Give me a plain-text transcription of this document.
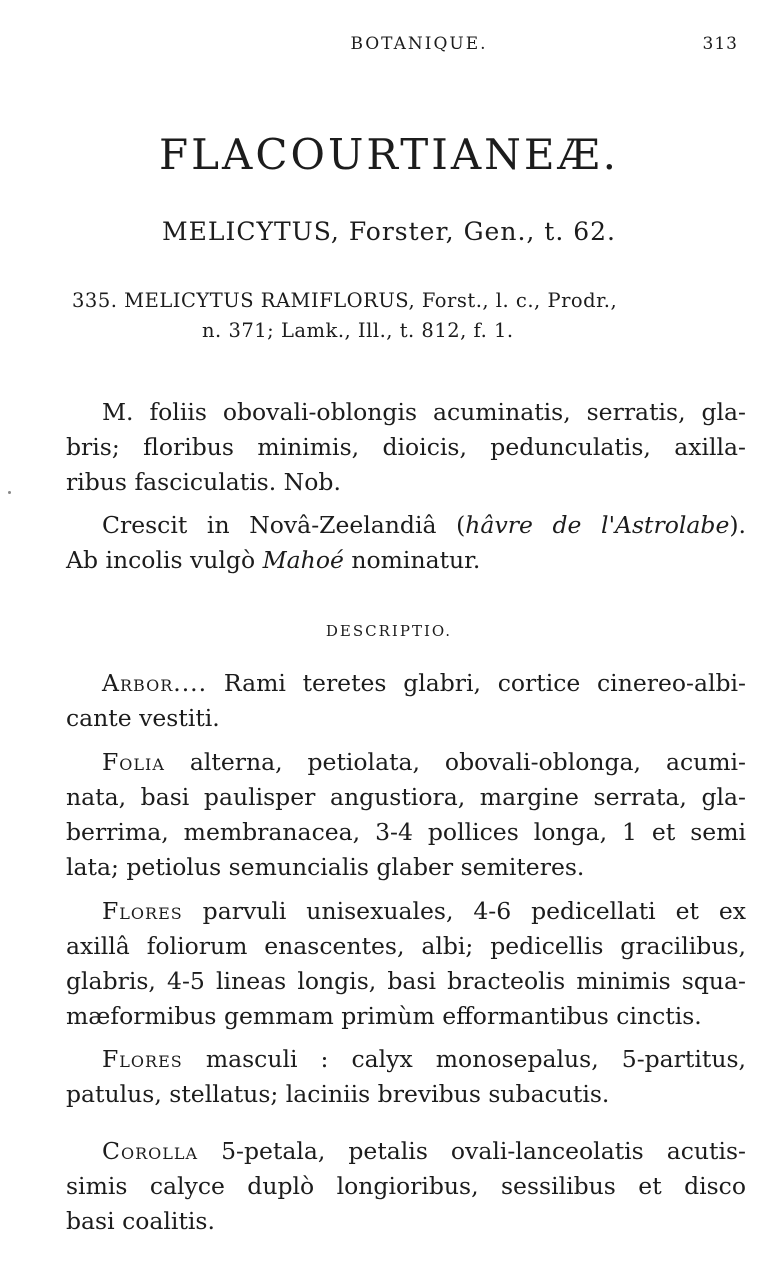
BOTANIQUE.	313
FLACOURTIANEÆ.
MELICYTUS, Forster, Gen., t. 62.
335. MELICYTUS RAMIFLORUS, Forst., l. c., Prodr.,
n. 371; Lamk., Ill., t. 812, f. 1.
M. foliis obovali-oblongis acuminatis, serratis, gla-
bris; floribus minimis, dioicis, pedunculatis, axilla-
ribus fasciculatis. Nob.
Crescit in Novâ-Zeelandiâ (hâvre de l'Astrolabe).
Ab incolis vulgò Mahoé nominatur.
DESCRIPTIO.
Arbor.... Rami teretes glabri, cortice cinereo-albi-
cante vestiti.
Folia alterna, petiolata, obovali-oblonga, acumi-
nata, basi paulisper angustiora, margine serrata, gla-
berrima, membranacea, 3-4 pollices longa, 1 et semi
lata; petiolus semuncialis glaber semiteres.
Flores parvuli unisexuales, 4-6 pedicellati et ex
axillâ foliorum enascentes, albi; pedicellis gracilibus,
glabris, 4-5 lineas longis, basi bracteolis minimis squa-
mæformibus gemmam primùm efformantibus cinctis.
Flores masculi : calyx monosepalus, 5-partitus,
patulus, stellatus; laciniis brevibus subacutis.
Corolla 5-petala, petalis ovali-lanceolatis acutis-
simis calyce duplò longioribus, sessilibus et disco
basi coalitis.
